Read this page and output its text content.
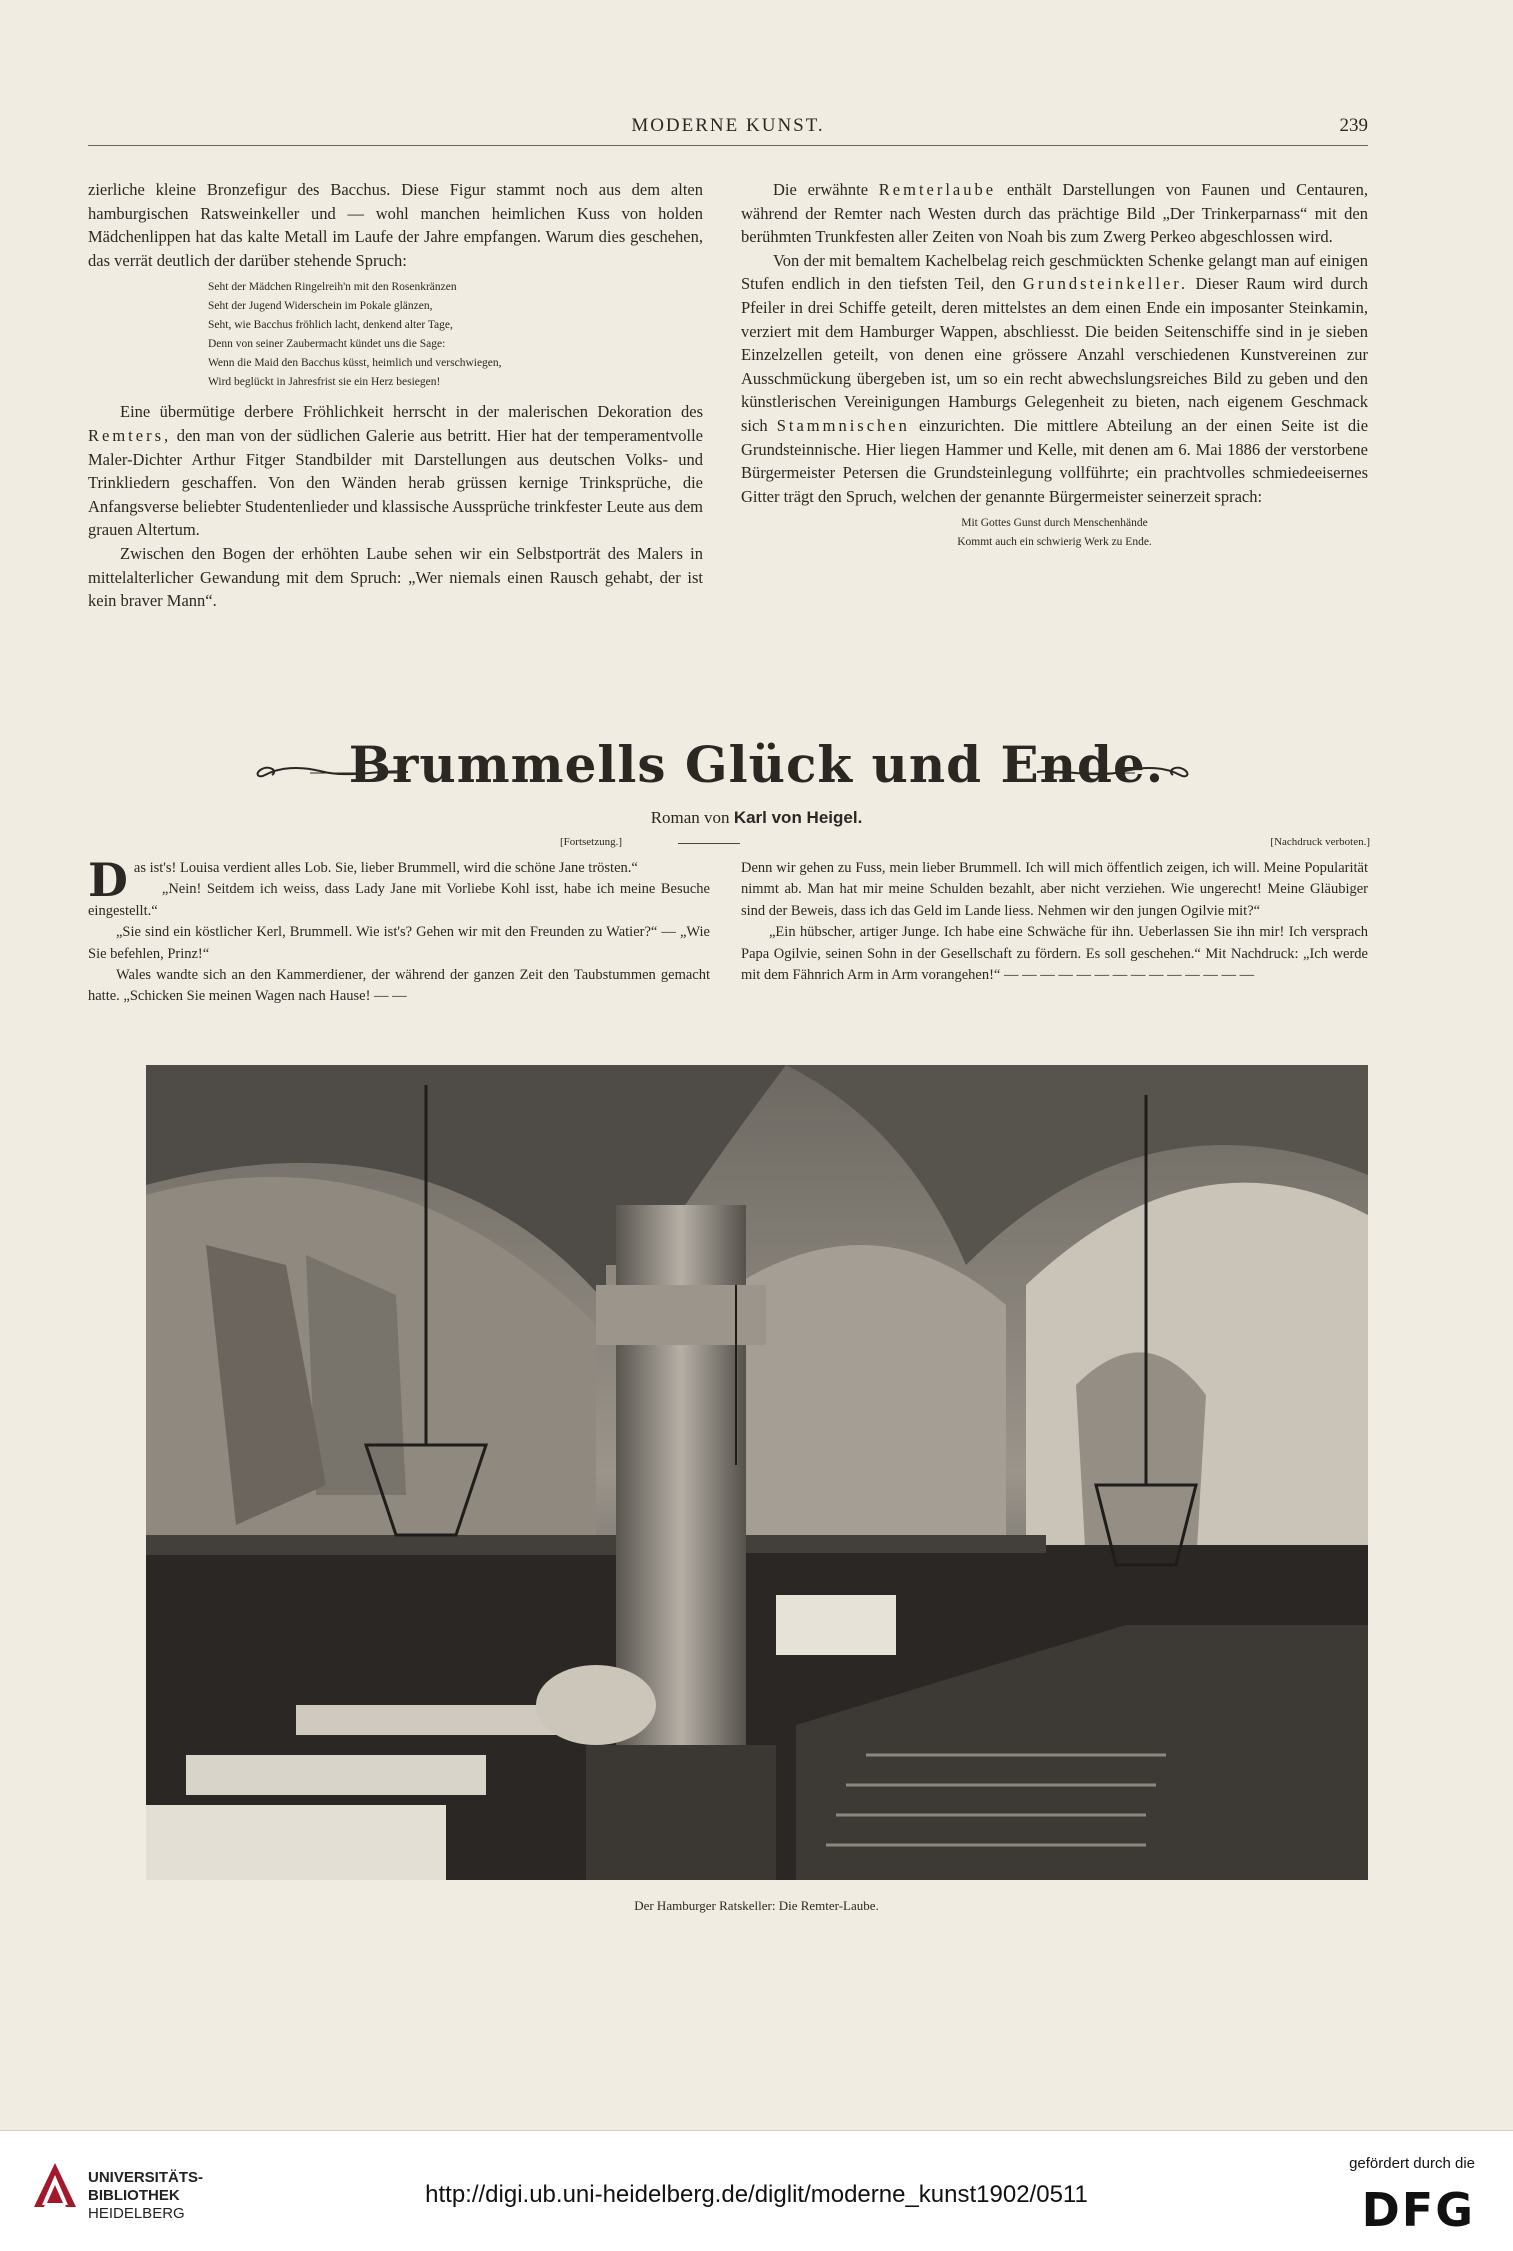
MODERNE KUNST.	239

zierliche kleine Bronzefigur des Bacchus. Diese Figur stammt noch aus dem alten hamburgischen Ratsweinkeller und — wohl manchen heimlichen Kuss von holden Mädchenlippen hat das kalte Metall im Laufe der Jahre empfangen. Warum dies geschehen, das verrät deutlich der darüber stehende Spruch:

Seht der Mädchen Ringelreih'n mit den Rosenkränzen
Seht der Jugend Widerschein im Pokale glänzen,
Seht, wie Bacchus fröhlich lacht, denkend alter Tage,
Denn von seiner Zaubermacht kündet uns die Sage:
Wenn die Maid den Bacchus küsst, heimlich und verschwiegen,
Wird beglückt in Jahresfrist sie ein Herz besiegen!

Eine übermütige derbere Fröhlichkeit herrscht in der malerischen Dekoration des Remters, den man von der südlichen Galerie aus betritt. Hier hat der temperamentvolle Maler-Dichter Arthur Fitger Standbilder mit Darstellungen aus deutschen Volks- und Trinkliedern geschaffen. Von den Wänden herab grüssen kernige Trinksprüche, die Anfangsverse beliebter Studentenlieder und klassische Aussprüche trinkfester Leute aus dem grauen Altertum.

Zwischen den Bogen der erhöhten Laube sehen wir ein Selbstporträt des Malers in mittelalterlicher Gewandung mit dem Spruch: „Wer niemals einen Rausch gehabt, der ist kein braver Mann“.

Die erwähnte Remterlaube enthält Darstellungen von Faunen und Centauren, während der Remter nach Westen durch das prächtige Bild „Der Trinkerparnass“ mit den berühmten Trunkfesten aller Zeiten von Noah bis zum Zwerg Perkeo abgeschlossen wird.

Von der mit bemaltem Kachelbelag reich geschmückten Schenke gelangt man auf einigen Stufen endlich in den tiefsten Teil, den Grundsteinkeller. Dieser Raum wird durch Pfeiler in drei Schiffe geteilt, deren mittelstes an dem einen Ende ein imposanter Steinkamin, verziert mit dem Hamburger Wappen, abschliesst. Die beiden Seitenschiffe sind in je sieben Einzelzellen geteilt, von denen eine grössere Anzahl verschiedenen Kunstvereinen zur Ausschmückung übergeben ist, um so ein recht abwechslungsreiches Bild zu geben und den künstlerischen Vereinigungen Hamburgs Gelegenheit zu bieten, nach eigenem Geschmack sich Stammnischen einzurichten. Die mittlere Abteilung an der einen Seite ist die Grundsteinnische. Hier liegen Hammer und Kelle, mit denen am 6. Mai 1886 der verstorbene Bürgermeister Petersen die Grundsteinlegung vollführte; ein prachtvolles schmiedeeisernes Gitter trägt den Spruch, welchen der genannte Bürgermeister seinerzeit sprach:

Mit Gottes Gunst durch Menschenhände
Kommt auch ein schwierig Werk zu Ende.
Brummells Glück und Ende.
Roman von Karl von Heigel.
[Fortsetzung.]	[Nachdruck verboten.]

Das ist's! Louisa verdient alles Lob. Sie, lieber Brummell, wird die schöne Jane trösten.“

„Nein! Seitdem ich weiss, dass Lady Jane mit Vorliebe Kohl isst, habe ich meine Besuche eingestellt.“

„Sie sind ein köstlicher Kerl, Brummell. Wie ist's? Gehen wir mit den Freunden zu Watier?“ — „Wie Sie befehlen, Prinz!“

Wales wandte sich an den Kammerdiener, der während der ganzen Zeit den Taubstummen gemacht hatte. „Schicken Sie meinen Wagen nach Hause! — —

Denn wir gehen zu Fuss, mein lieber Brummell. Ich will mich öffentlich zeigen, ich will. Meine Popularität nimmt ab. Man hat mir meine Schulden bezahlt, aber nicht verziehen. Wie ungerecht! Meine Gläubiger sind der Beweis, dass ich das Geld im Lande liess. Nehmen wir den jungen Ogilvie mit?“

„Ein hübscher, artiger Junge. Ich habe eine Schwäche für ihn. Ueberlassen Sie ihn mir! Ich versprach Papa Ogilvie, seinen Sohn in der Gesellschaft zu fördern. Es soll geschehen.“ Mit Nachdruck: „Ich werde mit dem Fähnrich Arm in Arm vorangehen!“ — — — — — — — — — — — — — —

Der Hamburger Ratskeller: Die Remter-Laube.
UNIVERSITÄTS-
BIBLIOTHEK
HEIDELBERG
http://digi.ub.uni-heidelberg.de/diglit/moderne_kunst1902/0511
gefördert durch die
DFG
